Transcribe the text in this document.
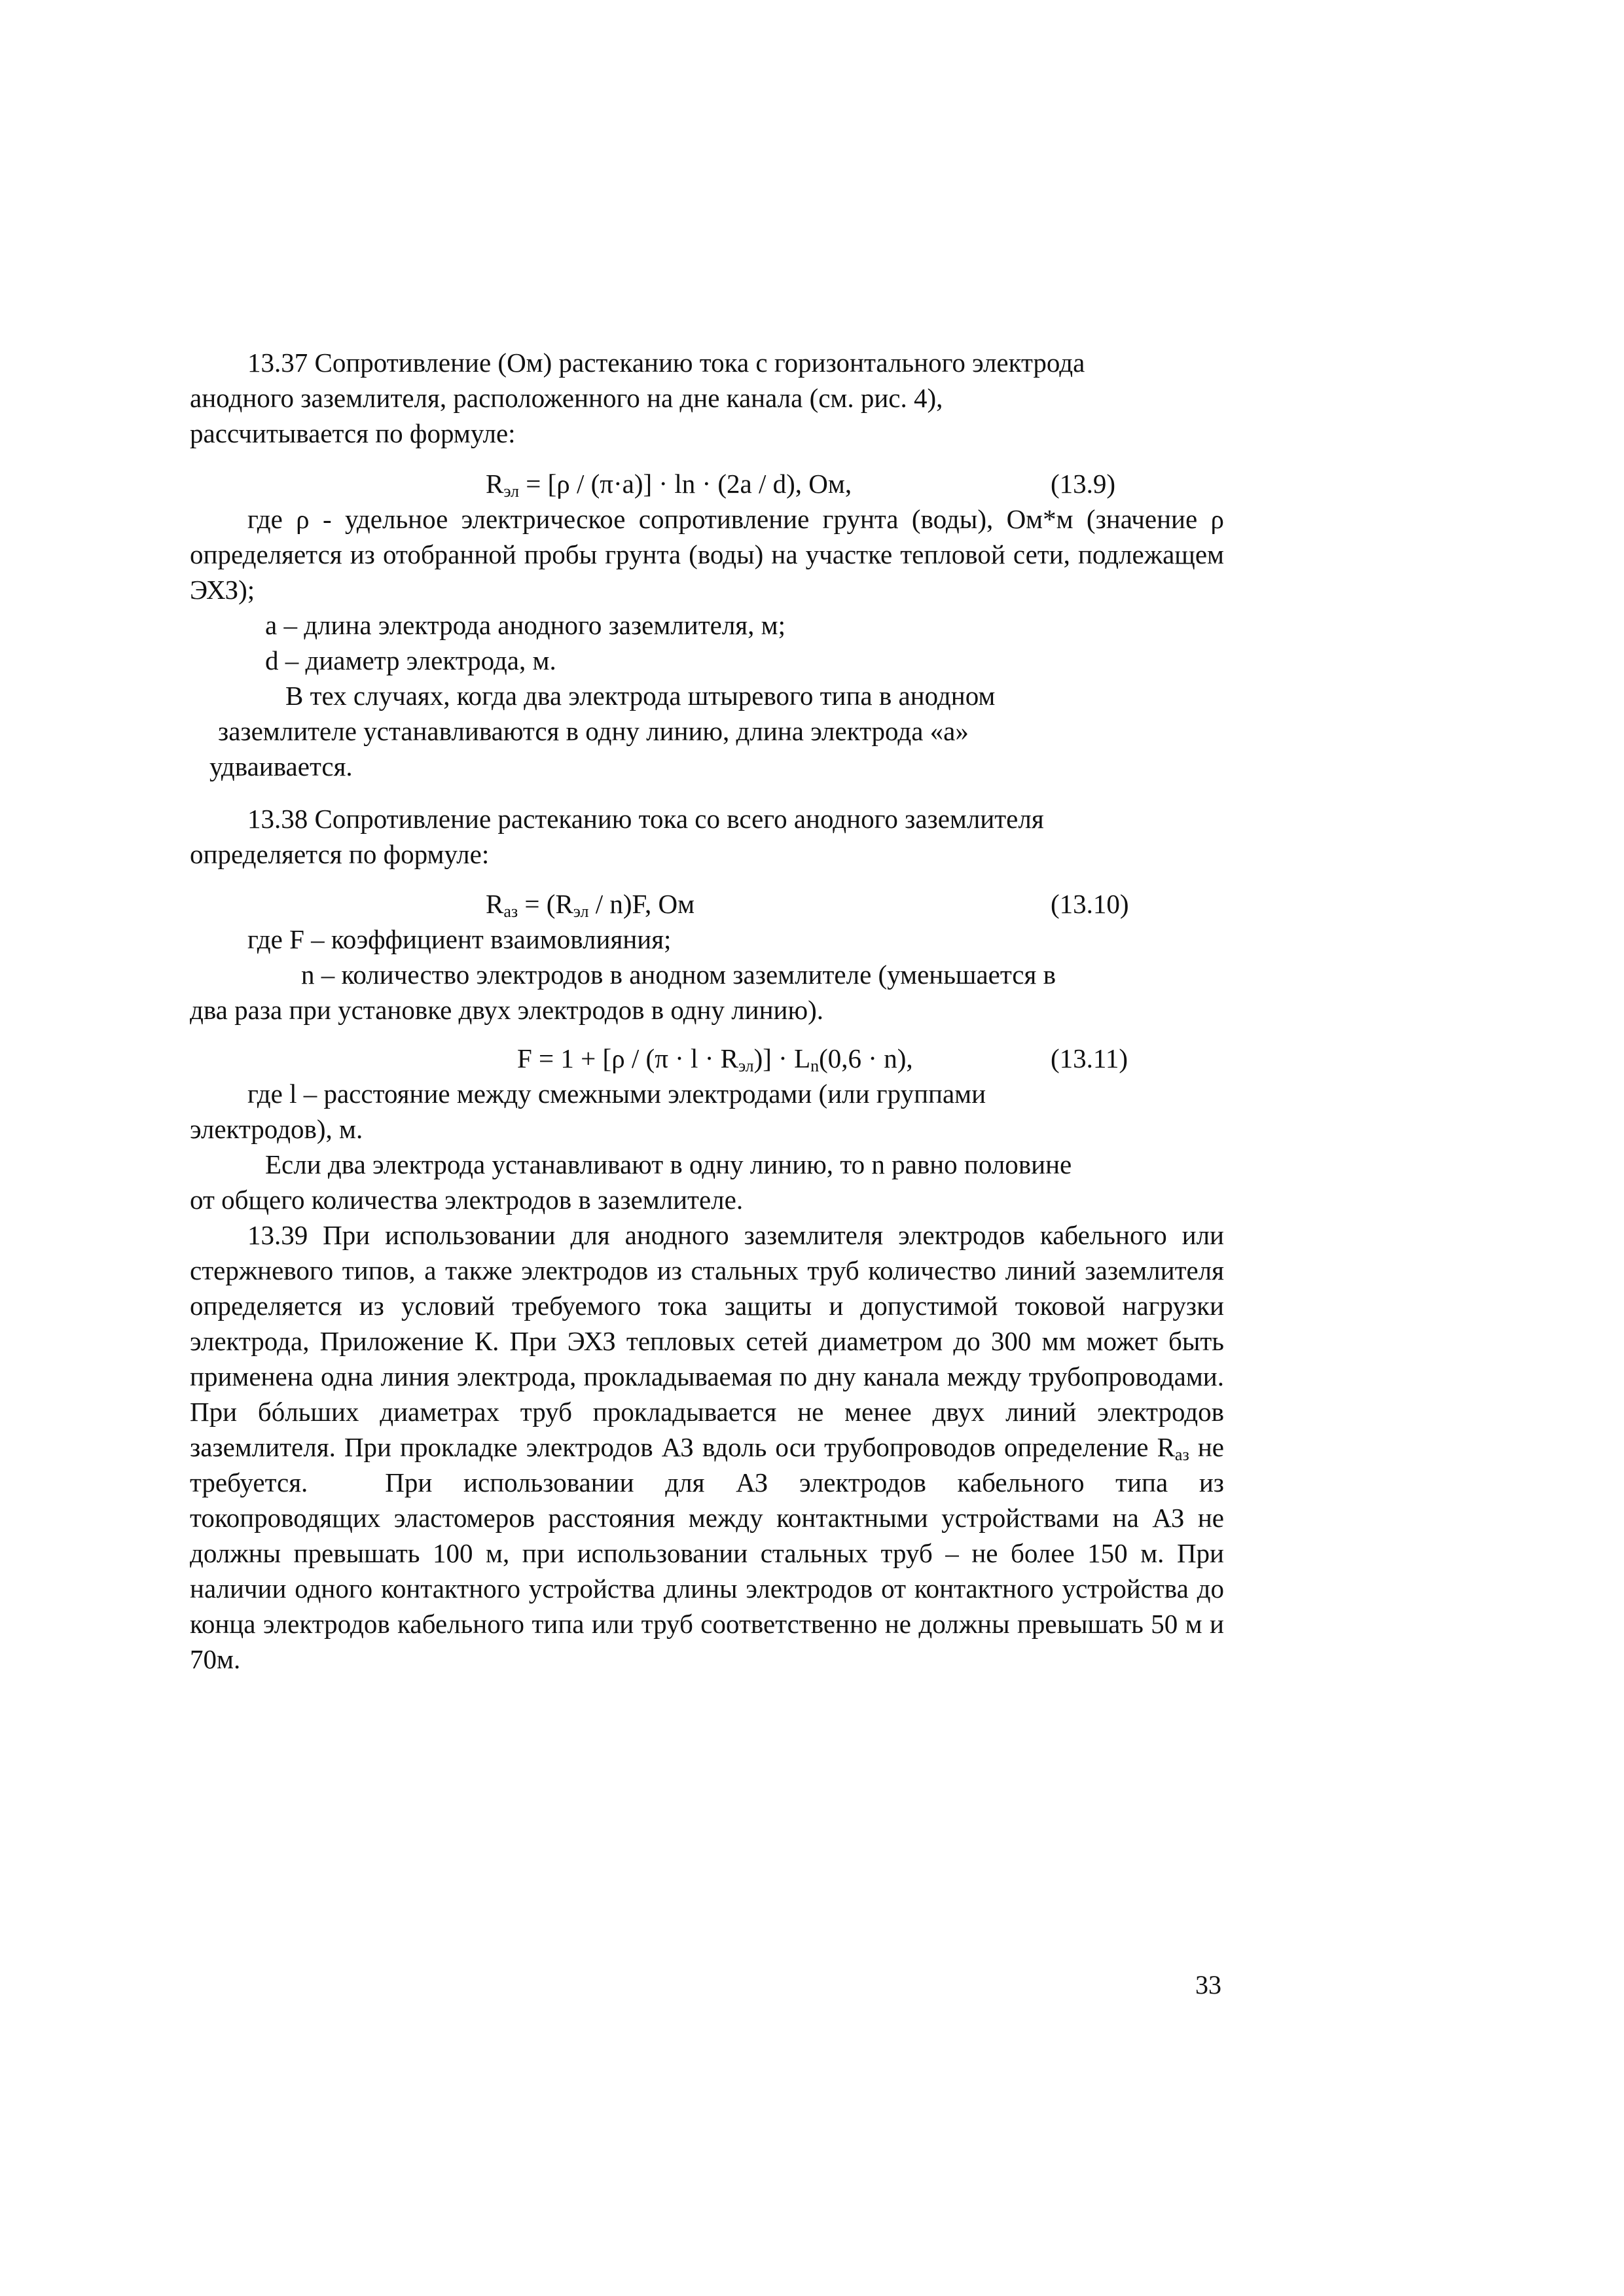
13.37 Сопротивление (Ом) растеканию тока с горизонтального электрода
анодного заземлителя, расположенного на дне канала (см. рис. 4),
рассчитывается по формуле:
$R_{эл} = [\rho / (\pi\cdot a)] \cdot \ln \cdot (2a / d)$, Ом,	(13.9)

где ρ - удельное электрическое сопротивление грунта (воды), Ом*м (значение ρ определяется из отобранной пробы грунта (воды) на участке тепловой сети, подлежащем ЭХЗ);

a – длина электрода анодного заземлителя, м;
d – диаметр электрода, м.
В тех случаях, когда два электрода штыревого типа в анодном
заземлителе устанавливаются в одну линию, длина электрода «а»
удваивается.
13.38 Сопротивление растеканию тока со всего анодного заземлителя
определяется по формуле:
$R_{аз} = (R_{эл} / n)F$, Ом	(13.10)
где F – коэффициент взаимовлияния;
n – количество электродов в анодном заземлителе (уменьшается в
два раза при установке двух электродов в одну линию).
$F = 1 + [\rho / (\pi \cdot l \cdot R_{эл})] \cdot L_n(0,6 \cdot n)$,	(13.11)
где l – расстояние между смежными электродами (или группами
электродов), м.
Если два электрода устанавливают в одну линию, то n равно половине
от общего количества электродов в заземлителе.

13.39 При использовании для анодного заземлителя электродов кабельного или стержневого типов, а также электродов из стальных труб количество линий заземлителя определяется из условий требуемого тока защиты и допустимой токовой нагрузки электрода, Приложение К. При ЭХЗ тепловых сетей диаметром до 300 мм может быть применена одна линия электрода, прокладываемая по дну канала между трубопроводами. При бóльших диаметрах труб прокладывается не менее двух линий электродов заземлителя. При прокладке электродов АЗ вдоль оси трубопроводов определение $R_{аз}$ не требуется.	При использовании для АЗ электродов кабельного типа из токопроводящих эластомеров расстояния между контактными устройствами на АЗ не должны превышать 100 м, при использовании стальных труб – не более 150 м. При наличии одного контактного устройства длины электродов от контактного устройства до конца электродов кабельного типа или труб соответственно не должны превышать 50 м и 70м.

33
